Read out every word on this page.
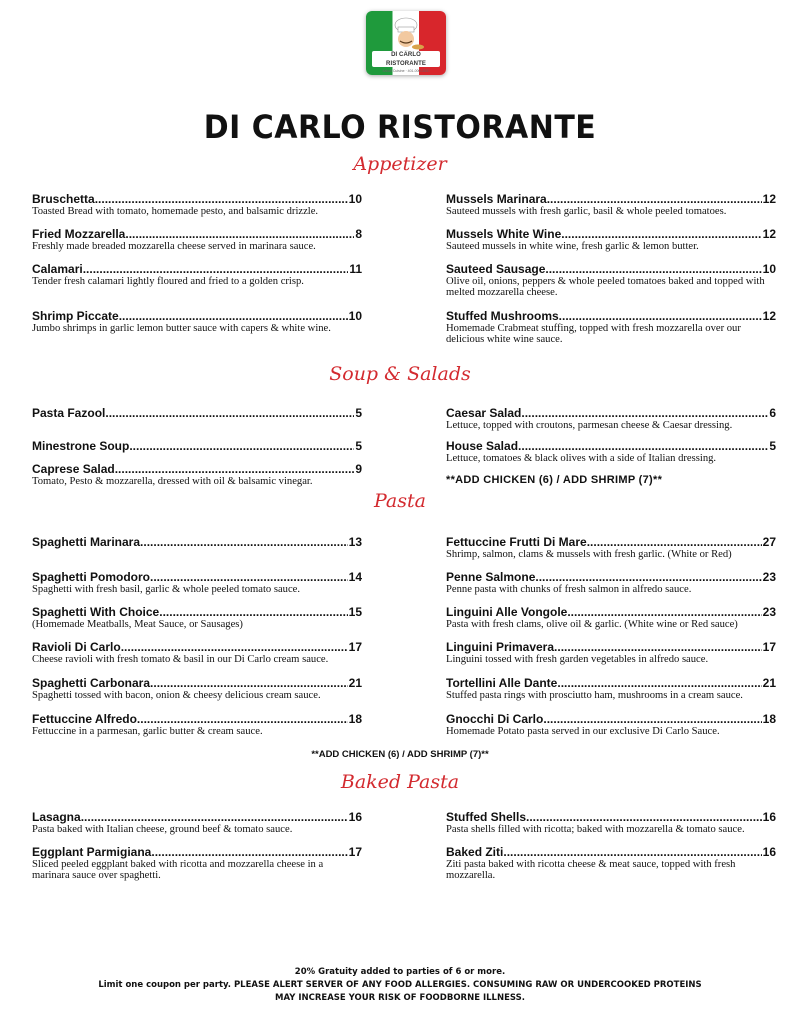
DI CARLO RISTORANTE
Italian Cuisine · 401-000-0000
DI CARLO RISTORANTE
Appetizer
Soup & Salads
Pasta
Baked Pasta
Bruschetta .....	10
Toasted Bread with tomato, homemade pesto, and balsamic drizzle.
Mussels Marinara .....	12
Sauteed mussels with fresh garlic, basil & whole peeled tomatoes.
Fried Mozzarella .....	8
Freshly made breaded mozzarella cheese served in marinara sauce.
Mussels White Wine .....	12
Sauteed mussels in white wine, fresh garlic & lemon butter.
Calamari .....	11
Tender fresh calamari lightly floured and fried to a golden crisp.
Sauteed Sausage .....	10
Olive oil, onions, peppers & whole peeled tomatoes baked and topped with melted mozzarella cheese.
Shrimp Piccate .....	10
Jumbo shrimps in garlic lemon butter sauce with capers & white wine.
Stuffed Mushrooms .....	12
Homemade Crabmeat stuffing, topped with fresh mozzarella over our delicious white wine sauce.
Pasta Fazool .....	5	Caesar Salad .....	6
Lettuce, topped with croutons, parmesan cheese & Caesar dressing.
Minestrone Soup .....	5	House Salad .....	5
Lettuce, tomatoes & black olives with a side of Italian dressing.
Caprese Salad .....	9
Tomato, Pesto & mozzarella, dressed with oil & balsamic vinegar.	**ADD CHICKEN (6) / ADD SHRIMP (7)**
Spaghetti Marinara .....	13	Fettuccine Frutti Di Mare .....	27
Shrimp, salmon, clams & mussels with fresh garlic. (White or Red)
Spaghetti Pomodoro .....	14
Spaghetti with fresh basil, garlic & whole peeled tomato sauce.
Penne Salmone .....	23
Penne pasta with chunks of fresh salmon in alfredo sauce.
Spaghetti With Choice .....	15
(Homemade Meatballs, Meat Sauce, or Sausages)
Linguini Alle Vongole .....	23
Pasta with fresh clams, olive oil & garlic. (White wine or Red sauce)
Ravioli Di Carlo .....	17
Cheese ravioli with fresh tomato & basil in our Di Carlo cream sauce.
Linguini Primavera .....	17
Linguini tossed with fresh garden vegetables in alfredo sauce.
Spaghetti Carbonara .....	21
Spaghetti tossed with bacon, onion & cheesy delicious cream sauce.
Tortellini Alle Dante .....	21
Stuffed pasta rings with prosciutto ham, mushrooms in a cream sauce.
Fettuccine Alfredo .....	18
Fettuccine in a parmesan, garlic butter & cream sauce.
Gnocchi Di Carlo .....	18
Homemade Potato pasta served in our exclusive Di Carlo Sauce.
**ADD CHICKEN (6) / ADD SHRIMP (7)**
Lasagna .....	16
Pasta baked with Italian cheese, ground beef & tomato sauce.
Stuffed Shells .....	16
Pasta shells filled with ricotta; baked with mozzarella & tomato sauce.
Eggplant Parmigiana .....	17
Sliced peeled eggplant baked with ricotta and mozzarella cheese in a marinara sauce over spaghetti.
Baked Ziti .....	16
Ziti pasta baked with ricotta cheese & meat sauce, topped with fresh mozzarella.
20% Gratuity added to parties of 6 or more.
Limit one coupon per party. PLEASE ALERT SERVER OF ANY FOOD ALLERGIES. CONSUMING RAW OR UNDERCOOKED PROTEINS
MAY INCREASE YOUR RISK OF FOODBORNE ILLNESS.
